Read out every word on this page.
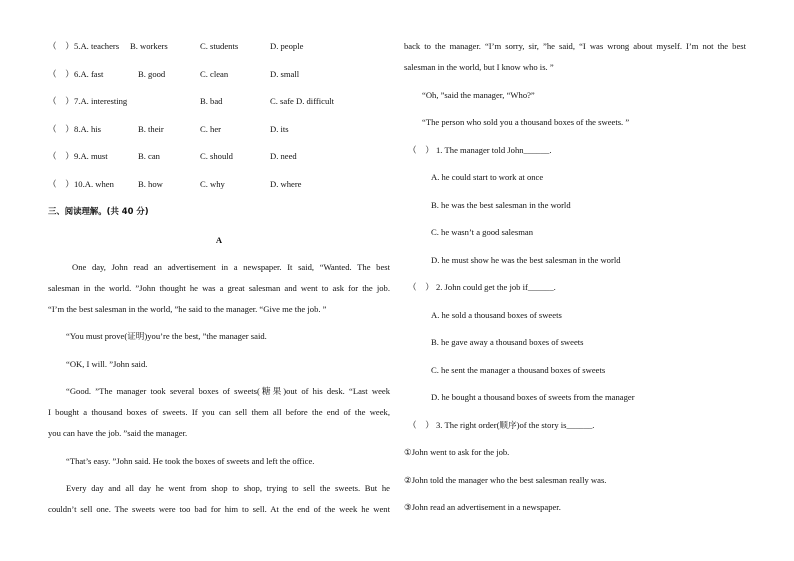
（　） 5.A. teachers B. workers	C. students	D. people
（　） 6.A. fast	B. good	C. clean	D. small
（　） 7.A. interesting	B. bad	C. safe D. difficult
（　） 8.A. his	B. their	C. her	D. its
（　） 9.A. must	B. can	C. should	D. need
（　） 10.A. when	B. how	C. why	D. where
三、阅读理解。(共 40 分)
A
One day, John read an advertisement in a newspaper. It said, “Wanted. The best
salesman in the world. ”John thought he was a great salesman and went to ask for the job.
“I’m the best salesman in the world, ”he said to the manager. “Give me the job. ”
“You must prove(证明)you’re the best, ”the manager said.
“OK, I will. ”John said.
“Good. ”The manager took several boxes of sweets(糖果)out of his desk. “Last week
I bought a thousand boxes of sweets. If you can sell them all before the end of the week,
you can have the job. ”said the manager.
“That’s easy. ”John said. He took the boxes of sweets and left the office.
Every day and all day he went from shop to shop, trying to sell the sweets. But he
couldn’t sell one. The sweets were too bad for him to sell. At the end of the week he went
back to the manager. “I’m sorry, sir, ”he said, “I was wrong about myself. I’m not the best
salesman in the world, but I know who is. ”
“Oh, ”said the manager, “Who?”
“The person who sold you a thousand boxes of the sweets. ”
（　） 1. The manager told John______.
A. he could start to work at once
B. he was the best salesman in the world
C. he wasn’t a good salesman
D. he must show he was the best salesman in the world
（　） 2. John could get the job if______.
A. he sold a thousand boxes of sweets
B. he gave away a thousand boxes of sweets
C. he sent the manager a thousand boxes of sweets
D. he bought a thousand boxes of sweets from the manager
（　） 3. The right order(顺序)of the story is______.
①John went to ask for the job.
②John told the manager who the best salesman really was.
③John read an advertisement in a newspaper.
